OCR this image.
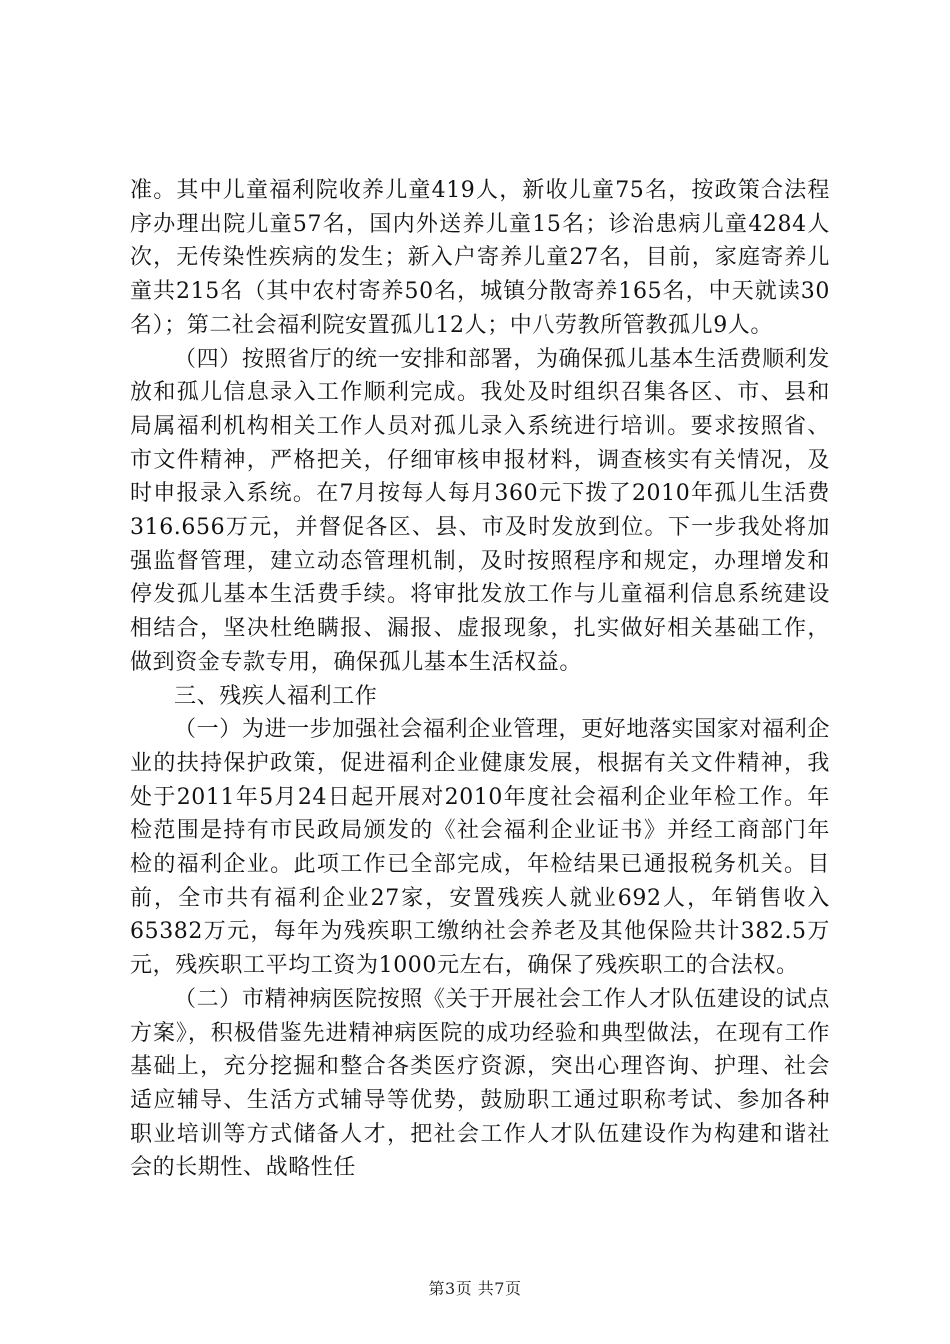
准。其中儿童福利院收养儿童419人，新收儿童75名，按政策合法程序办理出院儿童57名，国内外送养儿童15名；诊治患病儿童4284人次，无传染性疾病的发生；新入户寄养儿童27名，目前，家庭寄养儿童共215名（其中农村寄养50名，城镇分散寄养165名，中天就读30名）；第二社会福利院安置孤儿12人；中八劳教所管教孤儿9人。

（四）按照省厅的统一安排和部署，为确保孤儿基本生活费顺利发放和孤儿信息录入工作顺利完成。我处及时组织召集各区、市、县和局属福利机构相关工作人员对孤儿录入系统进行培训。要求按照省、市文件精神，严格把关，仔细审核申报材料，调查核实有关情况，及时申报录入系统。在7月按每人每月360元下拨了2010年孤儿生活费316.656万元，并督促各区、县、市及时发放到位。下一步我处将加强监督管理，建立动态管理机制，及时按照程序和规定，办理增发和停发孤儿基本生活费手续。将审批发放工作与儿童福利信息系统建设相结合，坚决杜绝瞒报、漏报、虚报现象，扎实做好相关基础工作，做到资金专款专用，确保孤儿基本生活权益。

三、残疾人福利工作

（一）为进一步加强社会福利企业管理，更好地落实国家对福利企业的扶持保护政策，促进福利企业健康发展，根据有关文件精神，我处于2011年5月24日起开展对2010年度社会福利企业年检工作。年检范围是持有市民政局颁发的《社会福利企业证书》并经工商部门年检的福利企业。此项工作已全部完成，年检结果已通报税务机关。目前，全市共有福利企业27家，安置残疾人就业692人，年销售收入65382万元，每年为残疾职工缴纳社会养老及其他保险共计382.5万元，残疾职工平均工资为1000元左右，确保了残疾职工的合法权。

（二）市精神病医院按照《关于开展社会工作人才队伍建设的试点方案》，积极借鉴先进精神病医院的成功经验和典型做法，在现有工作基础上，充分挖掘和整合各类医疗资源，突出心理咨询、护理、社会适应辅导、生活方式辅导等优势，鼓励职工通过职称考试、参加各种职业培训等方式储备人才，把社会工作人才队伍建设作为构建和谐社会的长期性、战略性任

第3页 共7页
